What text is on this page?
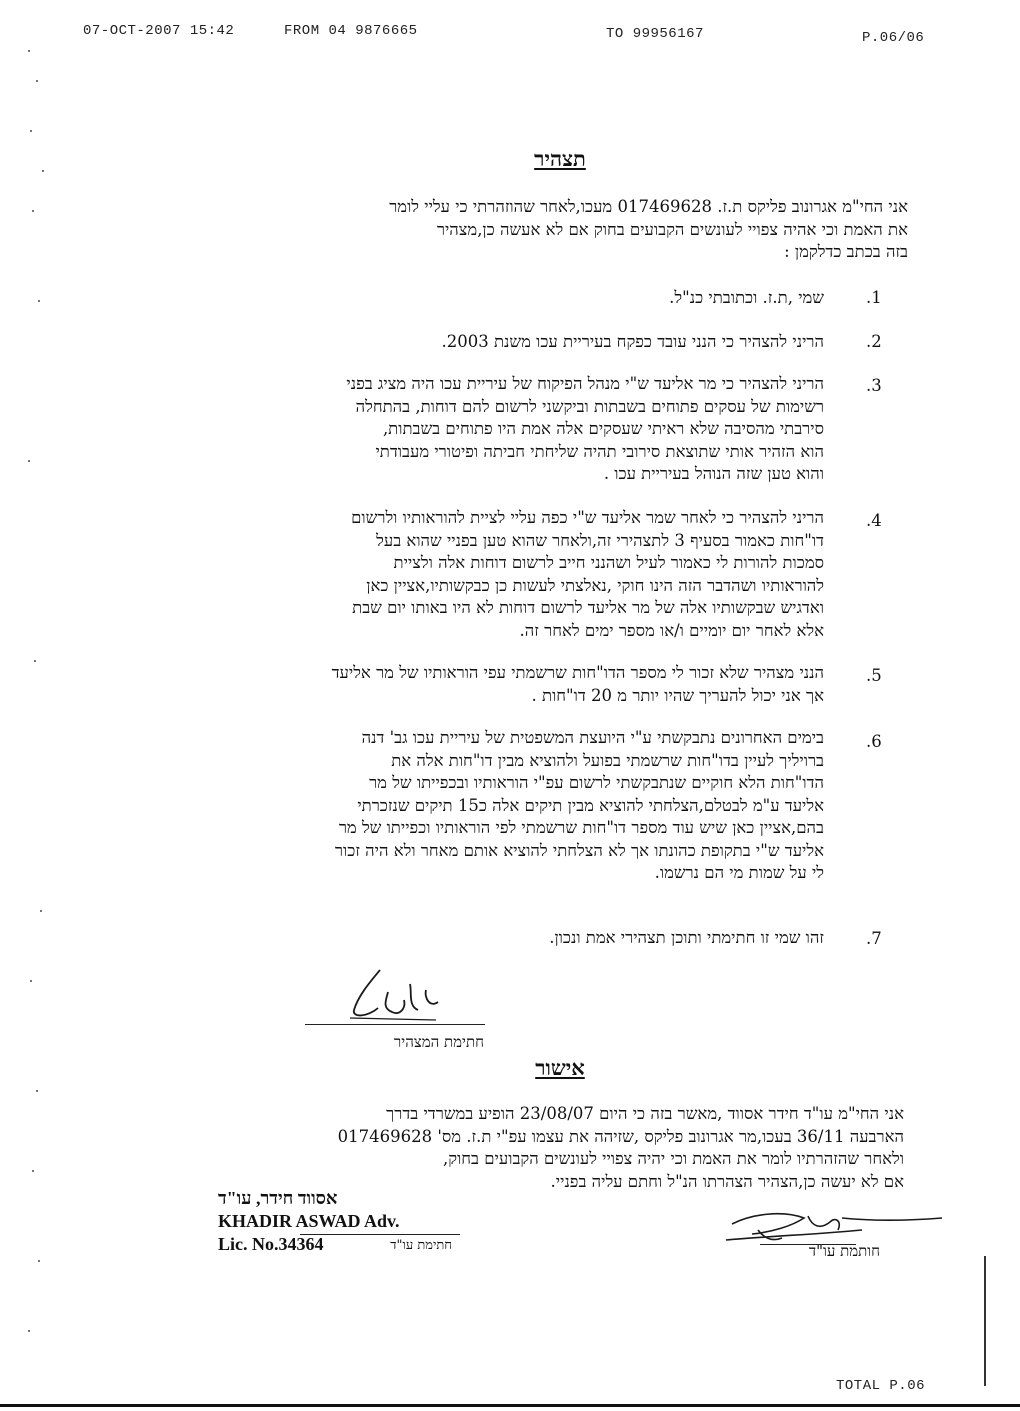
07-OCT-2007 15:42	FROM 04 9876665	TO 99956167	P.06/06
תצהיר
אני החי"מ אגרונוב פליקס ת.ז. 017469628 מעכו,לאחר שהוזהרתי כי עליי לומר
את האמת וכי אהיה צפויי לעונשים הקבועים בחוק אם לא אעשה כן,מצהיר
בזה בכתב כדלקמן :
.1
שמי ,ת.ז. וכתובתי כנ"ל.
.2
הריני להצהיר כי הנני עובד כפקח בעיריית עכו משנת 2003.
.3
הריני להצהיר כי מר אליעד ש"י מנהל הפיקוח של עיריית עכו היה מציג בפני
רשימות של עסקים פתוחים בשבתות וביקשני לרשום להם דוחות, בהתחלה
סירבתי מהסיבה שלא ראיתי שעסקים אלה אמת היו פתוחים בשבתות,
הוא הזהיר אותי שתוצאת סירובי תהיה שליחתי חביתה ופיטורי מעבודתי
והוא טען שזה הנוהל בעיריית עכו .
.4
הריני להצהיר כי לאחר שמר אליעד ש"י כפה עליי לציית להוראותיו ולרשום
דו"חות כאמור בסעיף 3 לתצהירי זה,ולאחר שהוא טען בפניי שהוא בעל
סמכות להורות לי כאמור לעיל ושהנני חייב לרשום דוחות אלה ולציית
להוראותיו ושהדבר הזה הינו חוקי ,נאלצתי לעשות כן כבקשותיו,אציין כאן
ואדגיש שבקשותיו אלה של מר אליעד לרשום דוחות לא היו באותו יום שבת
אלא לאחר יום יומיים ו/או מספר ימים לאחר זה.
.5
הנני מצהיר שלא זכור לי מספר הדו"חות שרשמתי עפי הוראותיו של מר אליעד
אך אני יכול להעריך שהיו יותר מ 20 דו"חות .
.6
בימים האחרונים נתבקשתי ע"י היועצת המשפטית של עיריית עכו גב' דנה
ברויליך לעיין בדו"חות שרשמתי בפועל ולהוציא מבין דו"חות אלה את
הדו"חות הלא חוקיים שנתבקשתי לרשום עפ"י הוראותיו ובכפייתו של מר
אליעד ע"מ לבטלם,הצלחתי להוציא מבין תיקים אלה כ15 תיקים שנזכרתי
בהם,אציין כאן שיש עוד מספר דו"חות שרשמתי לפי הוראותיו וכפייתו של מר
אליעד ש"י בתקופת כהונתו אך לא הצלחתי להוציא אותם מאחר ולא היה זכור
לי על שמות מי הם נרשמו.
.7
זהו שמי זו חתימתי ותוכן תצהירי אמת ונכון.
חתימת המצהיר
אישור
אני החי"מ עו"ד חידר אסווד ,מאשר בזה כי היום 23/08/07 הופיע במשרדי בדרך
הארבעה 36/11 בעכו,מר אגרונוב פליקס ,שזיהה את עצמו עפ"י ת.ז. מס' 017469628
ולאחר שהזהרתיו לומר את האמת וכי יהיה צפויי לעונשים הקבועים בחוק,
אם לא יעשה כן,הצהיר הצהרתו הנ"ל וחתם עליה בפניי.
אסווד חידר, עו"ד
KHADIR ASWAD Adv.
Lic. No.34364	חתימת עו"ד	חותמת עו"ד
TOTAL P.06
